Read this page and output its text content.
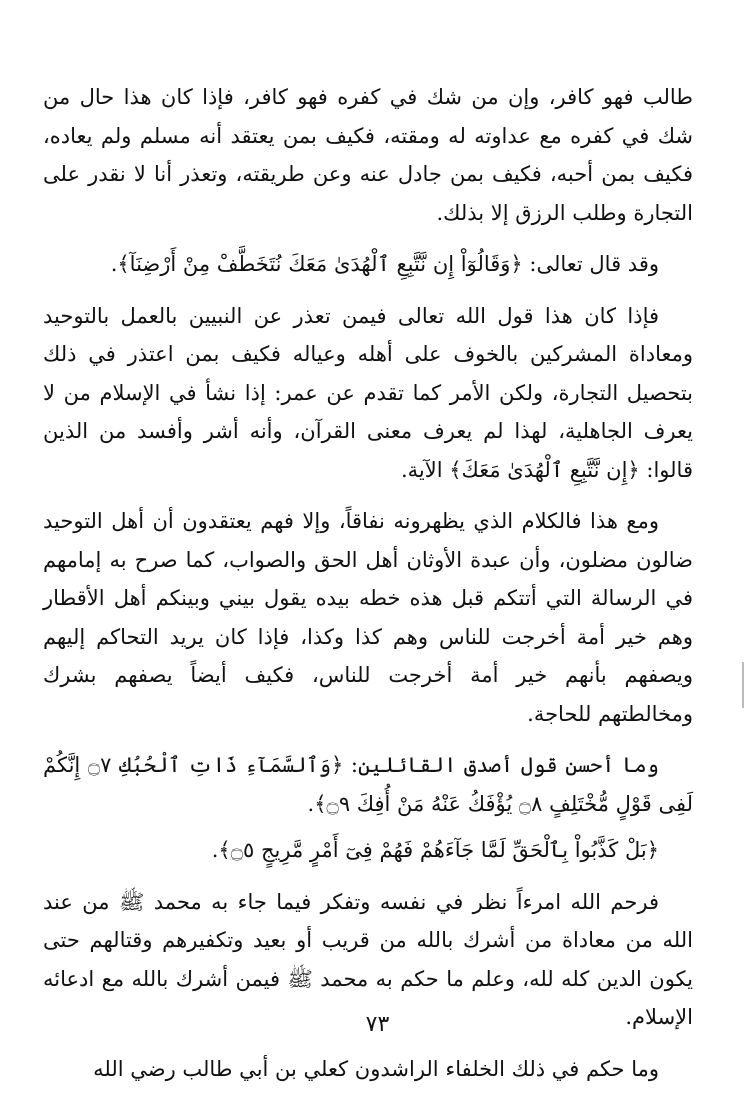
طالب فهو كافر، وإن من شك في كفره فهو كافر، فإذا كان هذا حال من شك في كفره مع عداوته له ومقته، فكيف بمن يعتقد أنه مسلم ولم يعاده، فكيف بمن أحبه، فكيف بمن جادل عنه وعن طريقته، وتعذر أنا لا نقدر على التجارة وطلب الرزق إلا بذلك.

وقد قال تعالى: ﴿وَقَالُوٓاْ إِن نَّتَّبِعِ ٱلْهُدَىٰ مَعَكَ نُتَخَطَّفْ مِنْ أَرْضِنَآ﴾.

فإذا كان هذا قول الله تعالى فيمن تعذر عن النبيين بالعمل بالتوحيد ومعاداة المشركين بالخوف على أهله وعياله فكيف بمن اعتذر في ذلك بتحصيل التجارة، ولكن الأمر كما تقدم عن عمر: إذا نشأ في الإسلام من لا يعرف الجاهلية، لهذا لم يعرف معنى القرآن، وأنه أشر وأفسد من الذين قالوا: ﴿إِن نَّتَّبِعِ ٱلْهُدَىٰ مَعَكَ﴾ الآية.

ومع هذا فالكلام الذي يظهرونه نفاقاً، وإلا فهم يعتقدون أن أهل التوحيد ضالون مضلون، وأن عبدة الأوثان أهل الحق والصواب، كما صرح به إمامهم في الرسالة التي أتتكم قبل هذه خطه بيده يقول بيني وبينكم أهل الأقطار وهم خير أمة أخرجت للناس وهم كذا وكذا، فإذا كان يريد التحاكم إليهم ويصفهم بأنهم خير أمة أخرجت للناس، فكيف أيضاً يصفهم بشرك ومخالطتهم للحاجة.

وما أحسن قول أصدق القائلين: ﴿وَٱلسَّمَآءِ ذَاتِ ٱلْحُبُكِ ۝٧ إِنَّكُمْ لَفِى قَوْلٍ مُّخْتَلِفٍ ۝٨ يُؤْفَكُ عَنْهُ مَنْ أُفِكَ ۝٩﴾.

﴿بَلْ كَذَّبُواْ بِٱلْحَقِّ لَمَّا جَآءَهُمْ فَهُمْ فِىٓ أَمْرٍ مَّرِيجٍ ۝٥﴾.

فرحم الله امرءاً نظر في نفسه وتفكر فيما جاء به محمد ﷺ من عند الله من معاداة من أشرك بالله من قريب أو بعيد وتكفيرهم وقتالهم حتى يكون الدين كله لله، وعلم ما حكم به محمد ﷺ فيمن أشرك بالله مع ادعائه الإسلام.

وما حكم في ذلك الخلفاء الراشدون كعلي بن أبي طالب رضي الله

٧٣
